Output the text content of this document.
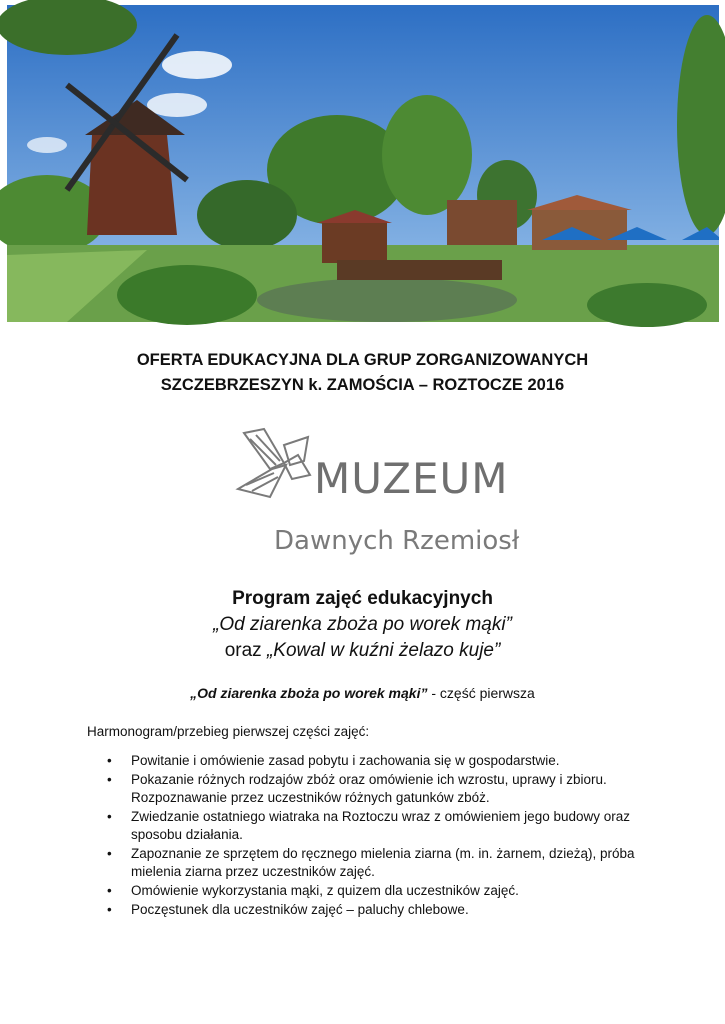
OFERTA EDUKACYJNA DLA GRUP ZORGANIZOWANYCH
SZCZEBRZESZYN k. ZAMOŚCIA – ROZTOCZE 2016
MUZEUM
Dawnych Rzemiosł
Program zajęć edukacyjnych
„Od ziarenka zboża po worek mąki”
oraz „Kowal w kuźni żelazo kuje”
„Od ziarenka zboża po worek mąki” - część pierwsza
Harmonogram/przebieg pierwszej części zajęć:
• Powitanie i omówienie zasad pobytu i zachowania się w gospodarstwie.
• Pokazanie różnych rodzajów zbóż oraz omówienie ich wzrostu, uprawy i zbioru. Rozpoznawanie przez uczestników różnych gatunków zbóż.
• Zwiedzanie ostatniego wiatraka na Roztoczu wraz z omówieniem jego budowy oraz sposobu działania.
• Zapoznanie ze sprzętem do ręcznego mielenia ziarna (m. in. żarnem, dzieżą), próba mielenia ziarna przez uczestników zajęć.
• Omówienie wykorzystania mąki, z quizem dla uczestników zajęć.
• Poczęstunek dla uczestników zajęć – paluchy chlebowe.
